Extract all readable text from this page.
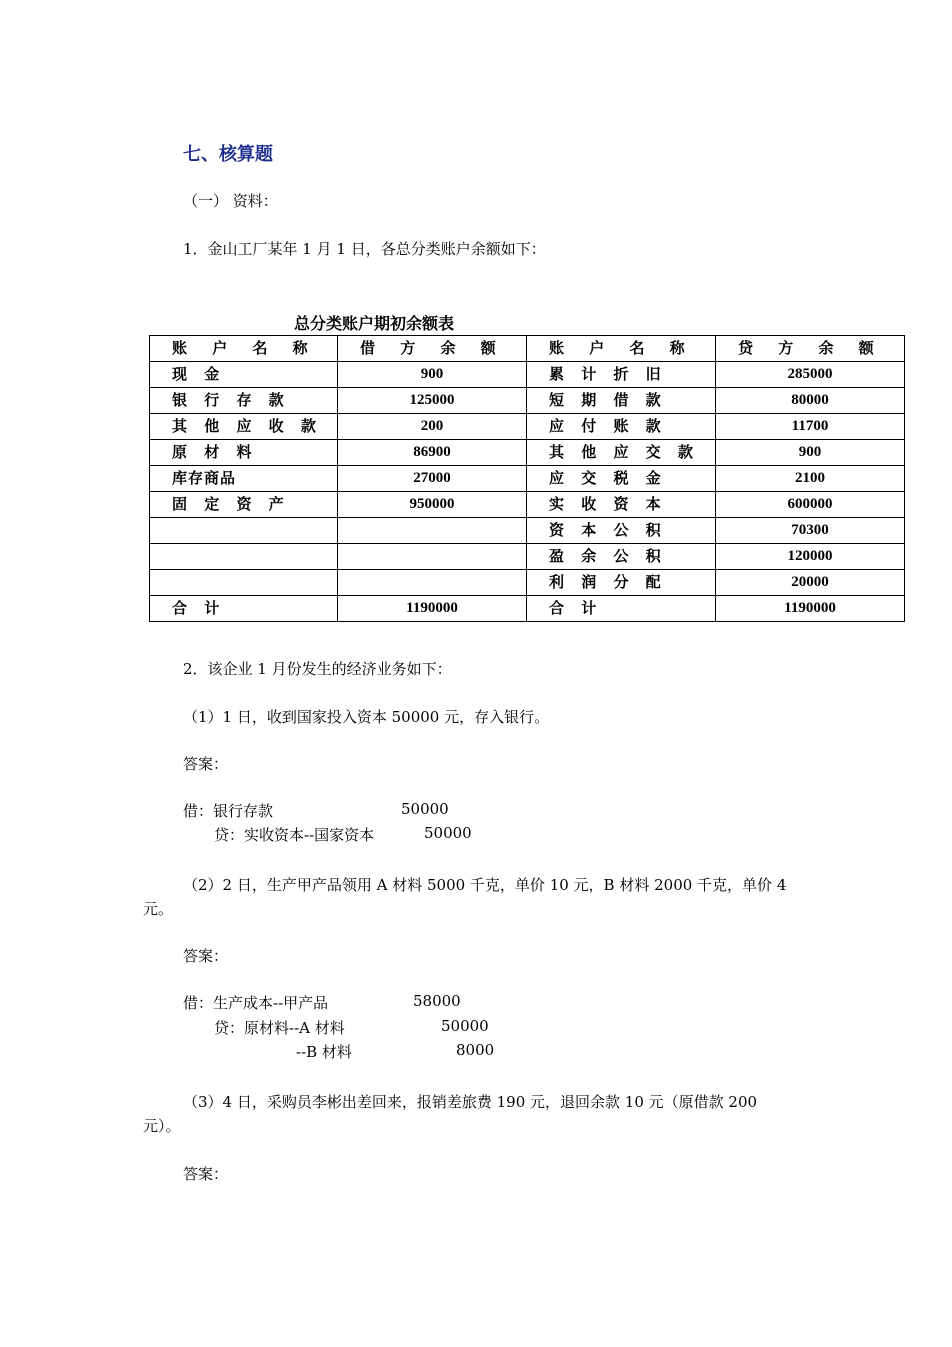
七、核算题
（一） 资料：
1．金山工厂某年 1 月 1 日，各总分类账户余额如下：
总分类账户期初余额表
账 户 名 称	借 方 余 额	账 户 名 称	贷 方 余 额
现 金	900	累 计 折 旧	285000
银 行 存 款	125000	短 期 借 款	80000
其 他 应 收 款	200	应 付 账 款	11700
原 材 料	86900	其 他 应 交 款	900
库存商品	27000	应 交 税 金	2100
固 定 资 产	950000	实 收 资 本	600000
		资 本 公 积	70300
		盈 余 公 积	120000
		利 润 分 配	20000
合 计	1190000	合 计	1190000
2．该企业 1 月份发生的经济业务如下：
（1）1 日，收到国家投入资本 50000 元，存入银行。
答案：
借：银行存款	50000
贷：实收资本--国家资本	50000
（2）2 日，生产甲产品领用 A 材料 5000 千克，单价 10 元，B 材料 2000 千克，单价 4
元。
答案：
借：生产成本--甲产品	58000
贷：原材料--A 材料	50000
--B 材料	8000
（3）4 日，采购员李彬出差回来，报销差旅费 190 元，退回余款 10 元（原借款 200
元）。
答案：
